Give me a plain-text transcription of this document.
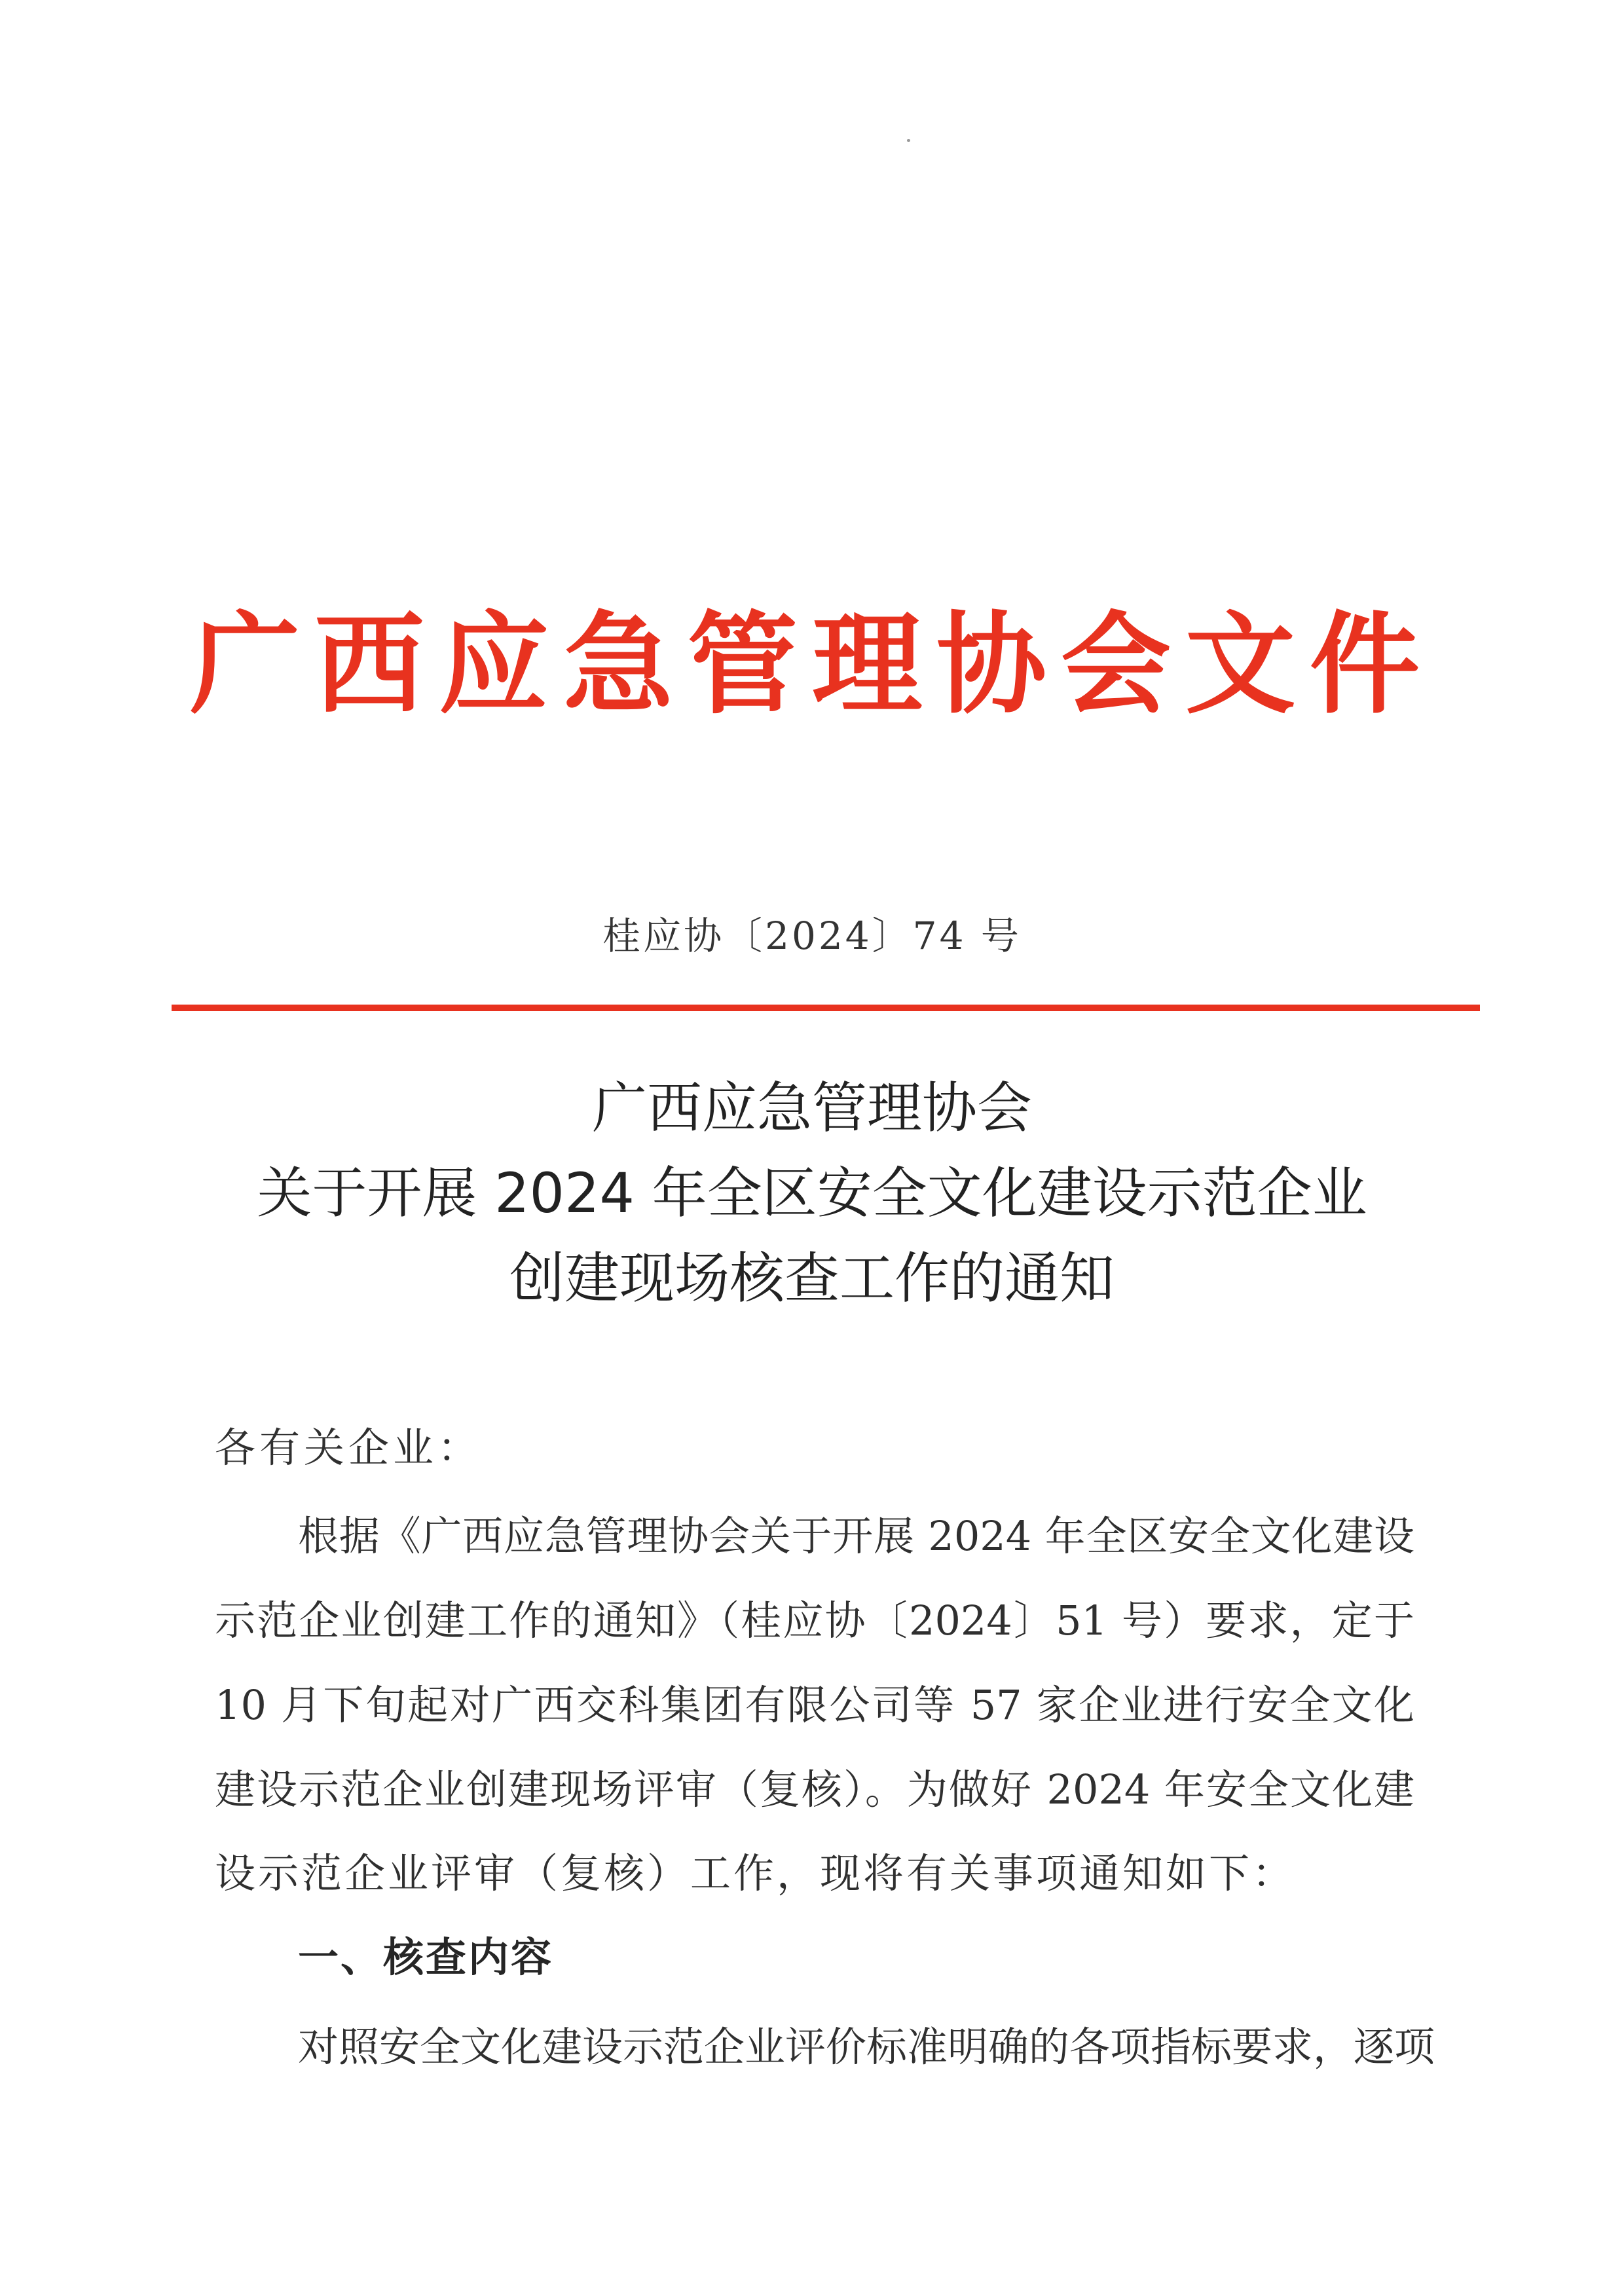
广西应急管理协会文件
桂应协〔2024〕74 号
广西应急管理协会
关于开展 2024 年全区安全文化建设示范企业
创建现场核查工作的通知
各有关企业：
根据《广西应急管理协会关于开展 2024 年全区安全文化建设
示范企业创建工作的通知》（桂应协〔2024〕51 号）要求，定于
10 月下旬起对广西交科集团有限公司等 57 家企业进行安全文化
建设示范企业创建现场评审（复核）。为做好 2024 年安全文化建
设示范企业评审（复核）工作，现将有关事项通知如下：
一、核查内容
对照安全文化建设示范企业评价标准明确的各项指标要求，逐项
